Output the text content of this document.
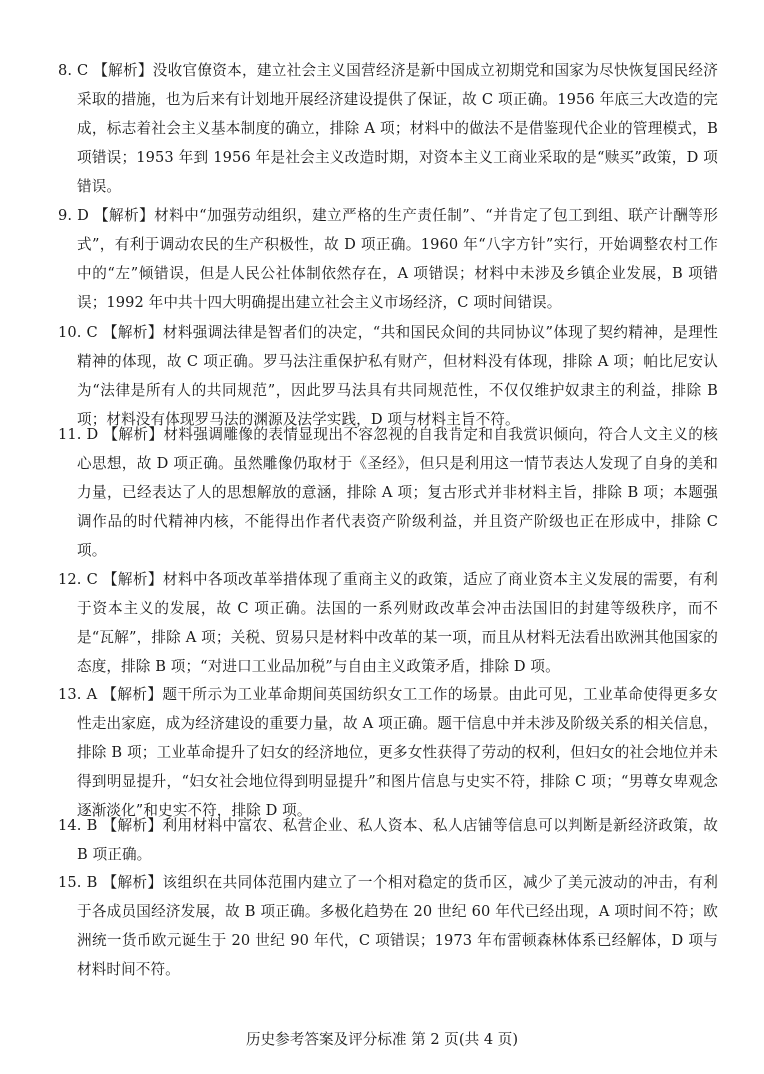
8. C 【解析】没收官僚资本，建立社会主义国营经济是新中国成立初期党和国家为尽快恢复国民经济采取的措施，也为后来有计划地开展经济建设提供了保证，故 C 项正确。1956 年底三大改造的完成，标志着社会主义基本制度的确立，排除 A 项；材料中的做法不是借鉴现代企业的管理模式，B 项错误；1953 年到 1956 年是社会主义改造时期，对资本主义工商业采取的是“赎买”政策，D 项错误。

9. D 【解析】材料中“加强劳动组织，建立严格的生产责任制”、“并肯定了包工到组、联产计酬等形式”，有利于调动农民的生产积极性，故 D 项正确。1960 年“八字方针”实行，开始调整农村工作中的“左”倾错误，但是人民公社体制依然存在，A 项错误；材料中未涉及乡镇企业发展，B 项错误；1992 年中共十四大明确提出建立社会主义市场经济，C 项时间错误。

10. C 【解析】材料强调法律是智者们的决定，“共和国民众间的共同协议”体现了契约精神，是理性精神的体现，故 C 项正确。罗马法注重保护私有财产，但材料没有体现，排除 A 项；帕比尼安认为“法律是所有人的共同规范”，因此罗马法具有共同规范性，不仅仅维护奴隶主的利益，排除 B 项；材料没有体现罗马法的渊源及法学实践，D 项与材料主旨不符。

11. D 【解析】材料强调雕像的表情显现出不容忽视的自我肯定和自我赏识倾向，符合人文主义的核心思想，故 D 项正确。虽然雕像仍取材于《圣经》，但只是利用这一情节表达人发现了自身的美和力量，已经表达了人的思想解放的意涵，排除 A 项；复古形式并非材料主旨，排除 B 项；本题强调作品的时代精神内核，不能得出作者代表资产阶级利益，并且资产阶级也正在形成中，排除 C 项。

12. C 【解析】材料中各项改革举措体现了重商主义的政策，适应了商业资本主义发展的需要，有利于资本主义的发展，故 C 项正确。法国的一系列财政改革会冲击法国旧的封建等级秩序，而不是“瓦解”，排除 A 项；关税、贸易只是材料中改革的某一项，而且从材料无法看出欧洲其他国家的态度，排除 B 项；“对进口工业品加税”与自由主义政策矛盾，排除 D 项。

13. A 【解析】题干所示为工业革命期间英国纺织女工工作的场景。由此可见，工业革命使得更多女性走出家庭，成为经济建设的重要力量，故 A 项正确。题干信息中并未涉及阶级关系的相关信息，排除 B 项；工业革命提升了妇女的经济地位，更多女性获得了劳动的权利，但妇女的社会地位并未得到明显提升，“妇女社会地位得到明显提升”和图片信息与史实不符，排除 C 项；“男尊女卑观念逐渐淡化”和史实不符，排除 D 项。

14. B 【解析】利用材料中富农、私营企业、私人资本、私人店铺等信息可以判断是新经济政策，故 B 项正确。

15. B 【解析】该组织在共同体范围内建立了一个相对稳定的货币区，减少了美元波动的冲击，有利于各成员国经济发展，故 B 项正确。多极化趋势在 20 世纪 60 年代已经出现，A 项时间不符；欧洲统一货币欧元诞生于 20 世纪 90 年代，C 项错误；1973 年布雷顿森林体系已经解体，D 项与材料时间不符。

历史参考答案及评分标准 第 2 页(共 4 页)
